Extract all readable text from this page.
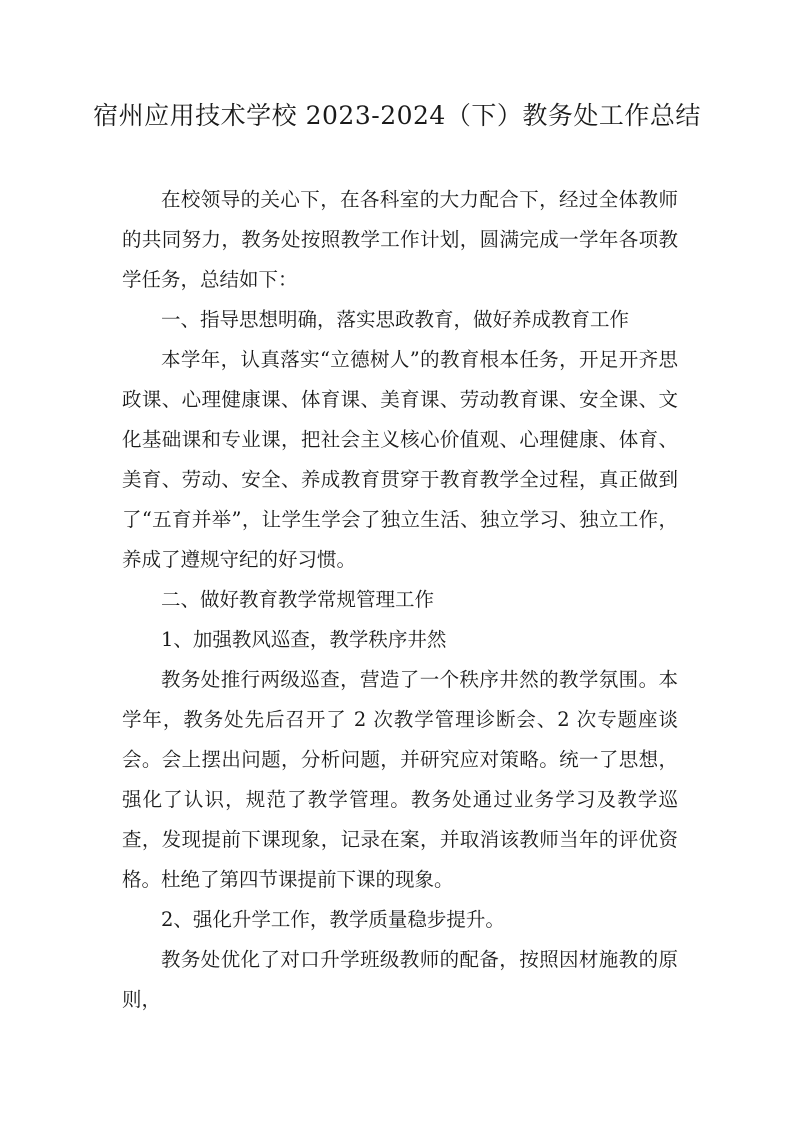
宿州应用技术学校 2023-2024（下）教务处工作总结

在校领导的关心下，在各科室的大力配合下，经过全体教师的共同努力，教务处按照教学工作计划，圆满完成一学年各项教学任务，总结如下：

一、指导思想明确，落实思政教育，做好养成教育工作

本学年，认真落实“立德树人”的教育根本任务，开足开齐思政课、心理健康课、体育课、美育课、劳动教育课、安全课、文化基础课和专业课，把社会主义核心价值观、心理健康、体育、美育、劳动、安全、养成教育贯穿于教育教学全过程，真正做到了“五育并举”，让学生学会了独立生活、独立学习、独立工作，养成了遵规守纪的好习惯。

二、做好教育教学常规管理工作

1、加强教风巡查，教学秩序井然

教务处推行两级巡查，营造了一个秩序井然的教学氛围。本学年，教务处先后召开了 2 次教学管理诊断会、2 次专题座谈会。会上摆出问题，分析问题，并研究应对策略。统一了思想，强化了认识，规范了教学管理。教务处通过业务学习及教学巡查，发现提前下课现象，记录在案，并取消该教师当年的评优资格。杜绝了第四节课提前下课的现象。

2、强化升学工作，教学质量稳步提升。

教务处优化了对口升学班级教师的配备，按照因材施教的原则，
